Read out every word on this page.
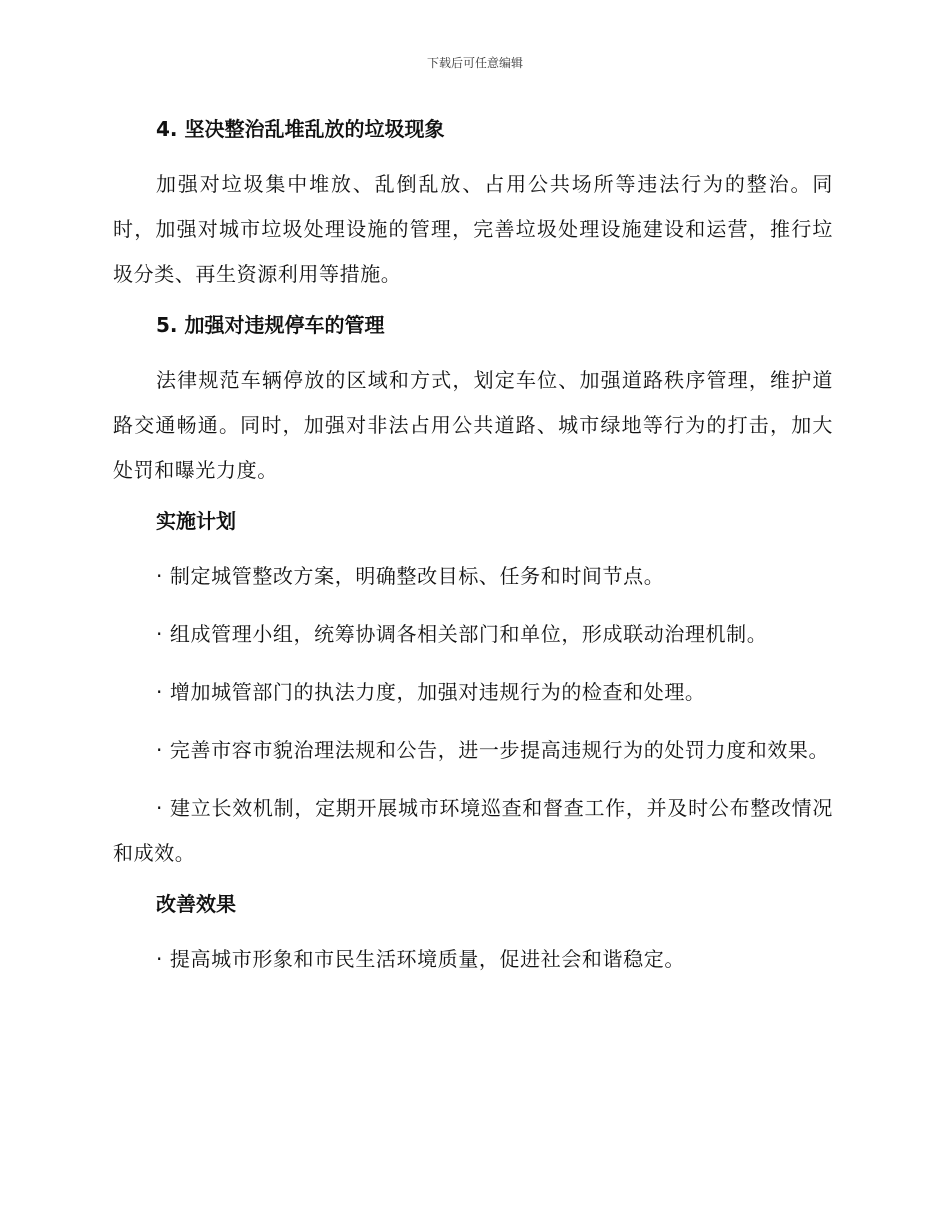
下载后可任意编辑
4. 坚决整治乱堆乱放的垃圾现象

加强对垃圾集中堆放、乱倒乱放、占用公共场所等违法行为的整治。同时，加强对城市垃圾处理设施的管理，完善垃圾处理设施建设和运营，推行垃圾分类、再生资源利用等措施。

5. 加强对违规停车的管理

法律规范车辆停放的区域和方式，划定车位、加强道路秩序管理，维护道路交通畅通。同时，加强对非法占用公共道路、城市绿地等行为的打击，加大处罚和曝光力度。

实施计划

· 制定城管整改方案，明确整改目标、任务和时间节点。

· 组成管理小组，统筹协调各相关部门和单位，形成联动治理机制。

· 增加城管部门的执法力度，加强对违规行为的检查和处理。

· 完善市容市貌治理法规和公告，进一步提高违规行为的处罚力度和效果。

· 建立长效机制，定期开展城市环境巡查和督查工作，并及时公布整改情况和成效。

改善效果

· 提高城市形象和市民生活环境质量，促进社会和谐稳定。
